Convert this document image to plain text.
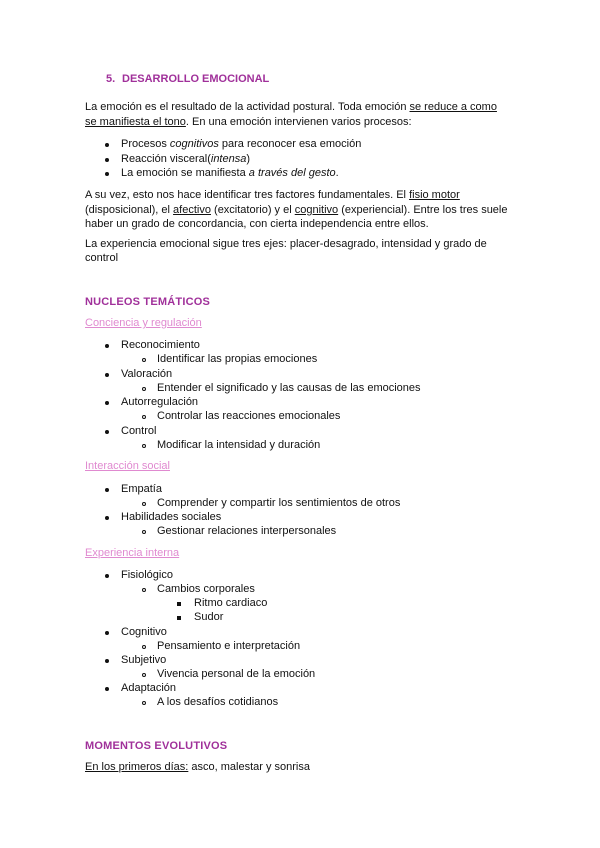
5. DESARROLLO EMOCIONAL
La emoción es el resultado de la actividad postural. Toda emoción se reduce a como
se manifiesta el tono. En una emoción intervienen varios procesos:
Procesos cognitivos para reconocer esa emoción
Reacción visceral(intensa)
La emoción se manifiesta a través del gesto.
A su vez, esto nos hace identificar tres factores fundamentales. El fisio motor
(disposicional), el afectivo (excitatorio) y el cognitivo (experiencial). Entre los tres suele
haber un grado de concordancia, con cierta independencia entre ellos.
La experiencia emocional sigue tres ejes: placer-desagrado, intensidad y grado de
control
NUCLEOS TEMÁTICOS
Conciencia y regulación
Reconocimiento
Identificar las propias emociones
Valoración
Entender el significado y las causas de las emociones
Autorregulación
Controlar las reacciones emocionales
Control
Modificar la intensidad y duración
Interacción social
Empatía
Comprender y compartir los sentimientos de otros
Habilidades sociales
Gestionar relaciones interpersonales
Experiencia interna
Fisiológico
Cambios corporales
Ritmo cardiaco
Sudor
Cognitivo
Pensamiento e interpretación
Subjetivo
Vivencia personal de la emoción
Adaptación
A los desafíos cotidianos
MOMENTOS EVOLUTIVOS
En los primeros días: asco, malestar y sonrisa
